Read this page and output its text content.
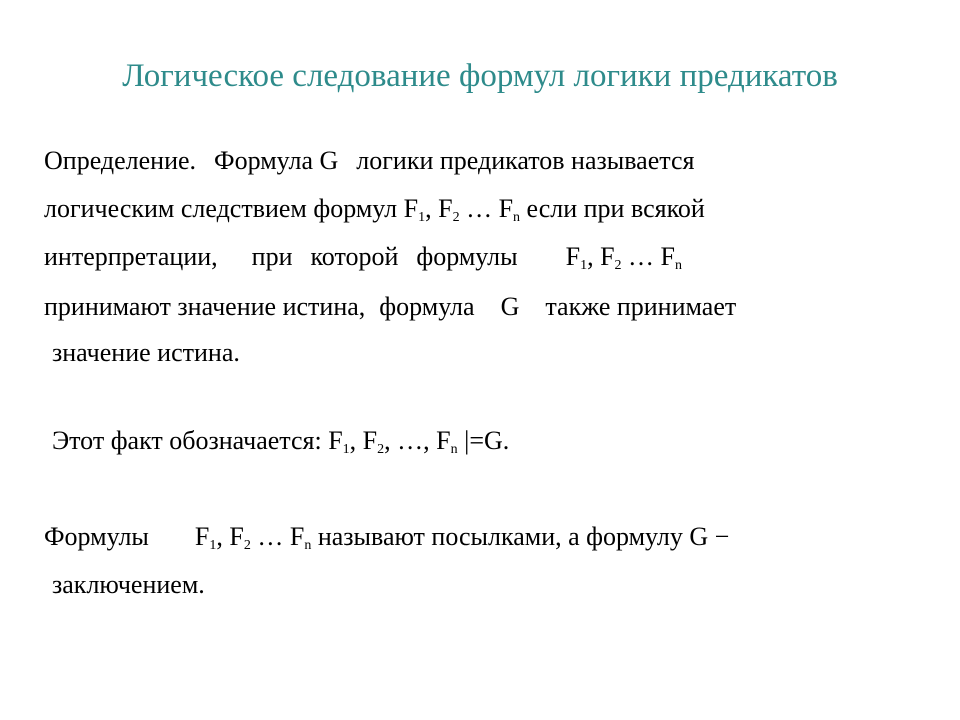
Логическое следование формул логики предикатов
Определение. Формула G логики предикатов называется
логическим следствием формул $F_1$, $F_2$ … $F_n$ если при всякой
интерпретации, при которой формулы $F_1$, $F_2$ … $F_n$
принимают значение истина, формула G также принимает
значение истина.
Этот факт обозначается: $F_1$, $F_2$, …, $F_n$ |=G.
Формулы $F_1$, $F_2$ … $F_n$ называют посылками, а формулу G −
заключением.
